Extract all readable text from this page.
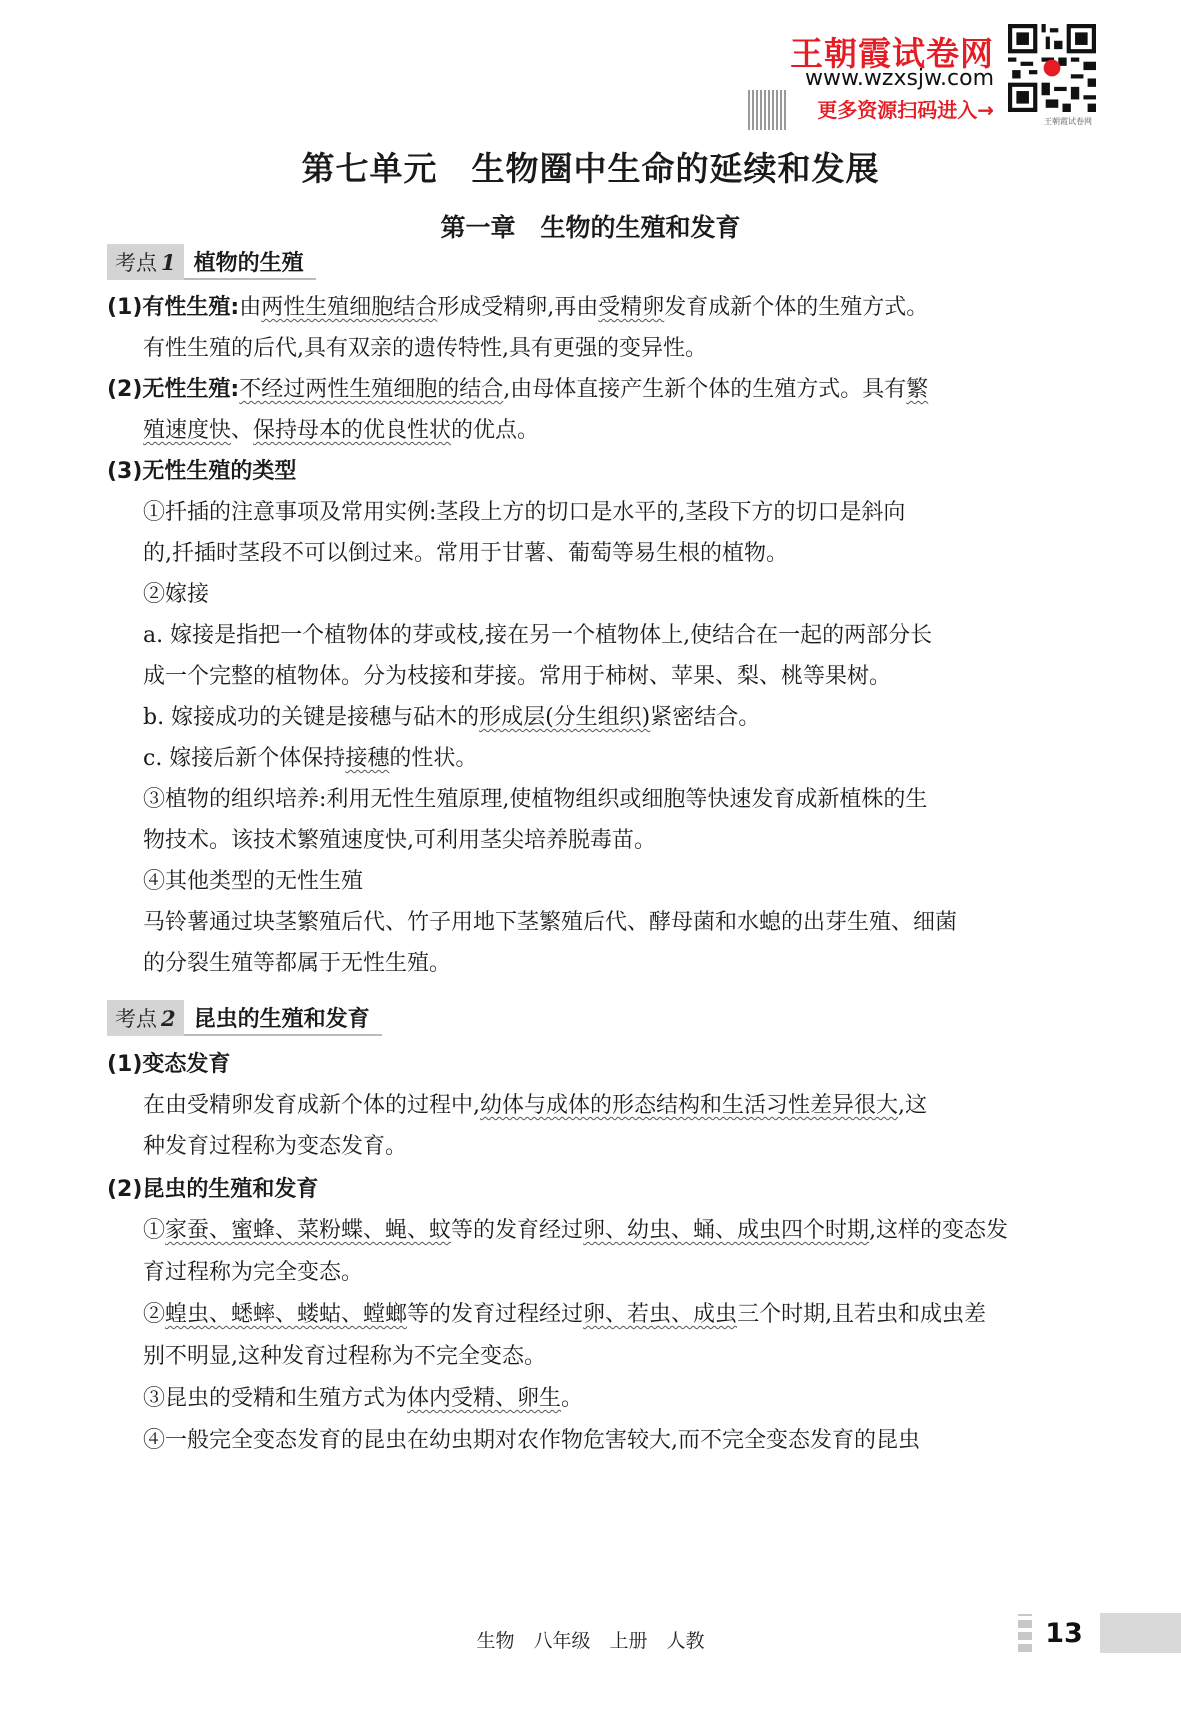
王朝霞试卷网
www.wzxsjw.com
更多资源扫码进入→	王朝霞试卷网
第七单元　生物圈中生命的延续和发展
第一章　生物的生殖和发育
考点 1 植物的生殖
(1)有性生殖:由两性生殖细胞结合形成受精卵,再由受精卵发育成新个体的生殖方式。
有性生殖的后代,具有双亲的遗传特性,具有更强的变异性。
(2)无性生殖:不经过两性生殖细胞的结合,由母体直接产生新个体的生殖方式。具有繁
殖速度快、保持母本的优良性状的优点。
(3)无性生殖的类型
①扦插的注意事项及常用实例:茎段上方的切口是水平的,茎段下方的切口是斜向
的,扦插时茎段不可以倒过来。常用于甘薯、葡萄等易生根的植物。
②嫁接
a. 嫁接是指把一个植物体的芽或枝,接在另一个植物体上,使结合在一起的两部分长
成一个完整的植物体。分为枝接和芽接。常用于柿树、苹果、梨、桃等果树。
b. 嫁接成功的关键是接穗与砧木的形成层(分生组织)紧密结合。
c. 嫁接后新个体保持接穗的性状。
③植物的组织培养:利用无性生殖原理,使植物组织或细胞等快速发育成新植株的生
物技术。该技术繁殖速度快,可利用茎尖培养脱毒苗。
④其他类型的无性生殖
马铃薯通过块茎繁殖后代、竹子用地下茎繁殖后代、酵母菌和水螅的出芽生殖、细菌
的分裂生殖等都属于无性生殖。
考点 2 昆虫的生殖和发育
(1)变态发育
在由受精卵发育成新个体的过程中,幼体与成体的形态结构和生活习性差异很大,这
种发育过程称为变态发育。
(2)昆虫的生殖和发育
①家蚕、蜜蜂、菜粉蝶、蝇、蚊等的发育经过卵、幼虫、蛹、成虫四个时期,这样的变态发
育过程称为完全变态。
②蝗虫、蟋蟀、蝼蛄、螳螂等的发育过程经过卵、若虫、成虫三个时期,且若虫和成虫差
别不明显,这种发育过程称为不完全变态。
③昆虫的受精和生殖方式为体内受精、卵生。
④一般完全变态发育的昆虫在幼虫期对农作物危害较大,而不完全变态发育的昆虫
生物　八年级　上册　人教	13
